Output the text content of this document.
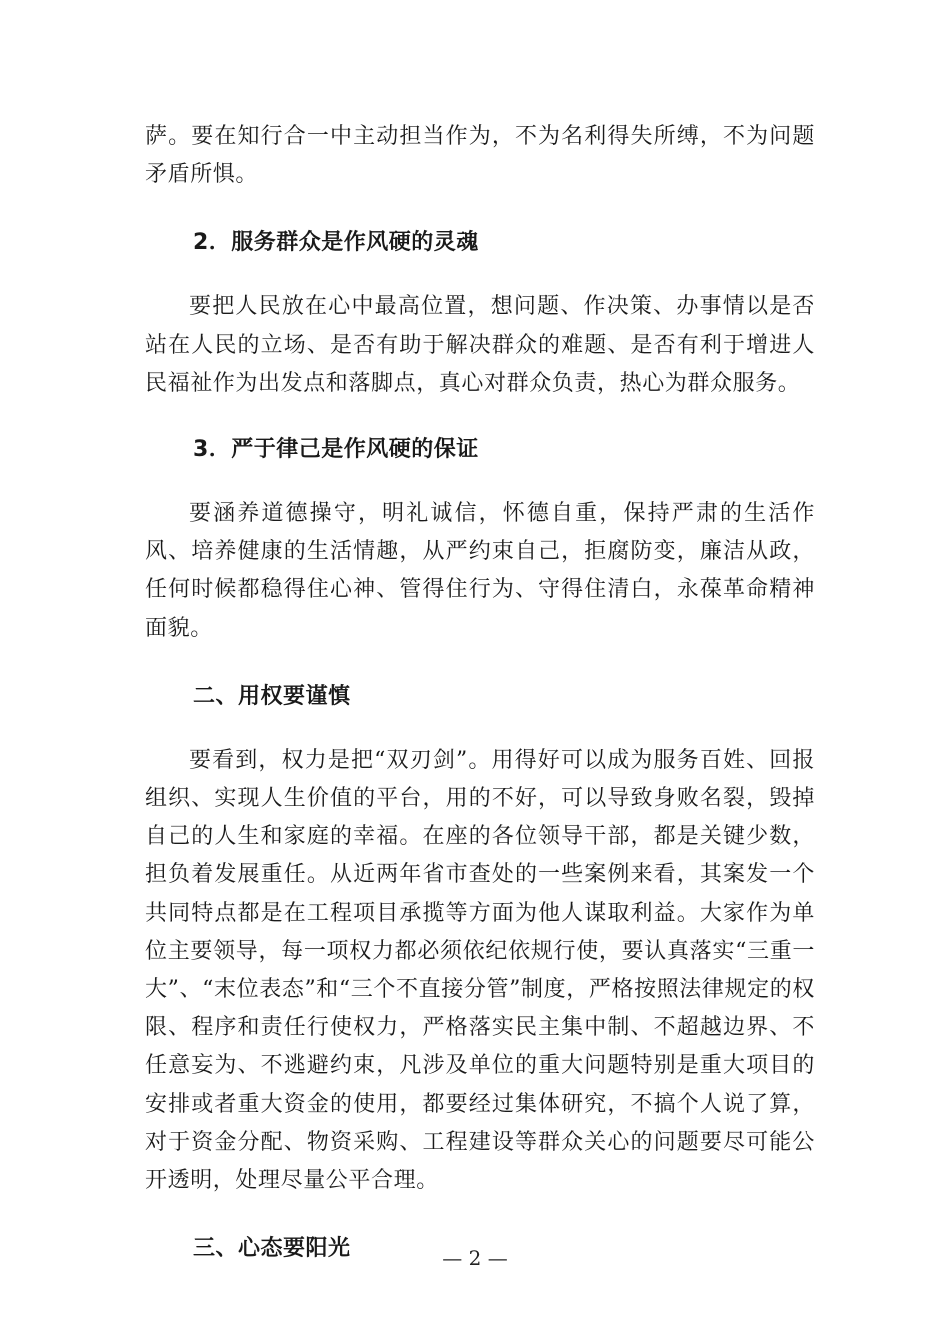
萨。要在知行合一中主动担当作为，不为名利得失所缚，不为问题矛盾所惧。

2．服务群众是作风硬的灵魂

要把人民放在心中最高位置，想问题、作决策、办事情以是否站在人民的立场、是否有助于解决群众的难题、是否有利于增进人民福祉作为出发点和落脚点，真心对群众负责，热心为群众服务。

3．严于律己是作风硬的保证

要涵养道德操守，明礼诚信，怀德自重，保持严肃的生活作风、培养健康的生活情趣，从严约束自己，拒腐防变，廉洁从政，任何时候都稳得住心神、管得住行为、守得住清白，永葆革命精神面貌。

二、用权要谨慎

要看到，权力是把“双刃剑”。用得好可以成为服务百姓、回报组织、实现人生价值的平台，用的不好，可以导致身败名裂，毁掉自己的人生和家庭的幸福。在座的各位领导干部，都是关键少数，担负着发展重任。从近两年省市查处的一些案例来看，其案发一个共同特点都是在工程项目承揽等方面为他人谋取利益。大家作为单位主要领导，每一项权力都必须依纪依规行使，要认真落实“三重一大”、“末位表态”和“三个不直接分管”制度，严格按照法律规定的权限、程序和责任行使权力，严格落实民主集中制、不超越边界、不任意妄为、不逃避约束，凡涉及单位的重大问题特别是重大项目的安排或者重大资金的使用，都要经过集体研究，不搞个人说了算，对于资金分配、物资采购、工程建设等群众关心的问题要尽可能公开透明，处理尽量公平合理。

三、心态要阳光	— 2 —
